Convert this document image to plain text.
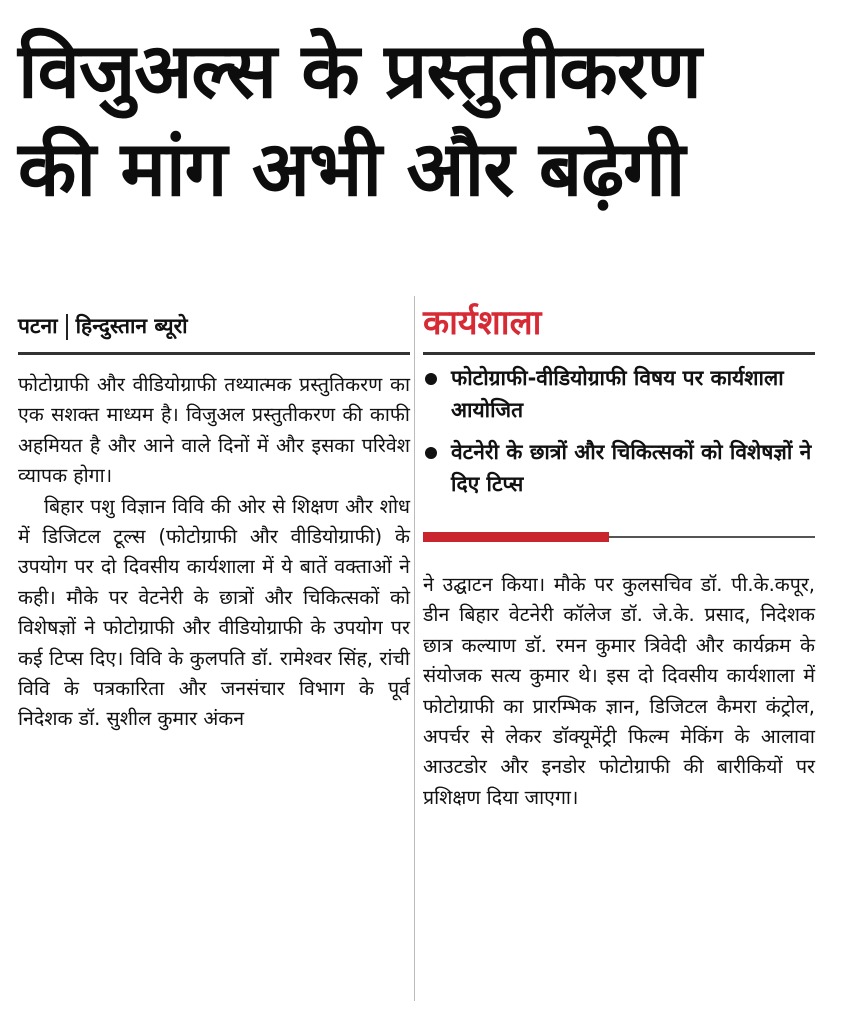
विजुअल्स के प्रस्तुतीकरण
की मांग अभी और बढ़ेगी
पटना हिन्दुस्तान ब्यूरो

फोटोग्राफी और वीडियोग्राफी तथ्यात्मक प्रस्तुतिकरण का एक सशक्त माध्यम है। विजुअल प्रस्तुतीकरण की काफी अहमियत है और आने वाले दिनों में और इसका परिवेश व्यापक होगा।

बिहार पशु विज्ञान विवि की ओर से शिक्षण और शोध में डिजिटल टूल्स (फोटोग्राफी और वीडियोग्राफी) के उपयोग पर दो दिवसीय कार्यशाला में ये बातें वक्ताओं ने कही। मौके पर वेटनेरी के छात्रों और चिकित्सकों को विशेषज्ञों ने फोटोग्राफी और वीडियोग्राफी के उपयोग पर कई टिप्स दिए। विवि के कुलपति डॉ. रामेश्वर सिंह, रांची विवि के पत्रकारिता और जनसंचार विभाग के पूर्व निदेशक डॉ. सुशील कुमार अंकन

कार्यशाला
फोटोग्राफी-वीडियोग्राफी विषय पर कार्यशाला आयोजित
वेटनेरी के छात्रों और चिकित्सकों को विशेषज्ञों ने दिए टिप्स

ने उद्घाटन किया। मौके पर कुलसचिव डॉ. पी.के.कपूर, डीन बिहार वेटनेरी कॉलेज डॉ. जे.के. प्रसाद, निदेशक छात्र कल्याण डॉ. रमन कुमार त्रिवेदी और कार्यक्रम के संयोजक सत्य कुमार थे। इस दो दिवसीय कार्यशाला में फोटोग्राफी का प्रारम्भिक ज्ञान, डिजिटल कैमरा कंट्रोल, अपर्चर से लेकर डॉक्यूमेंट्री फिल्म मेकिंग के आलावा आउटडोर और इनडोर फोटोग्राफी की बारीकियों पर प्रशिक्षण दिया जाएगा।
